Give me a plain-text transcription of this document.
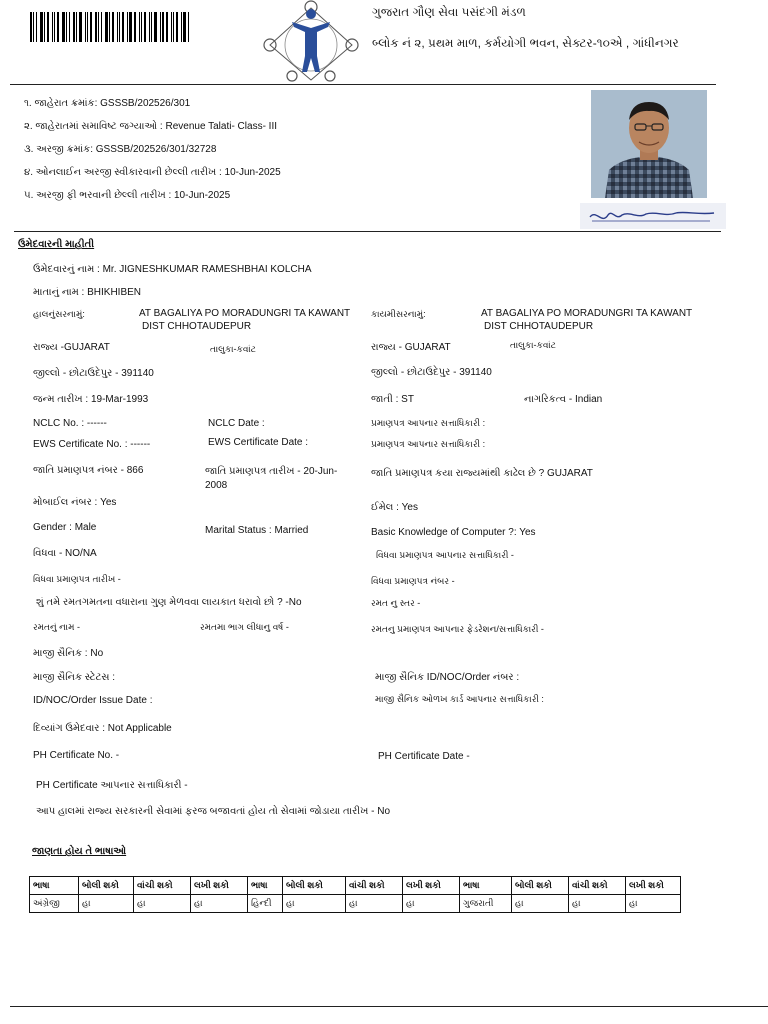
ગુજરાત ગૌણ સેવા પસંદગી મંડળ
બ્લોક નં ૨, પ્રથમ માળ, કર્મયોગી ભવન, સેક્ટર-૧૦એ , ગાંધીનગર
૧. જાહેરાત ક્રમાંક: GSSSB/202526/301
૨. જાહેરાતમાં સમાવિષ્ટ જગ્યાઓ : Revenue Talati- Class- III
૩. અરજી ક્રમાંક: GSSSB/202526/301/32728
૪. ઓનલાઈન અરજી સ્વીકારવાની છેલ્લી તારીખ : 10-Jun-2025
૫. અરજી ફી ભરવાની છેલ્લી તારીખ : 10-Jun-2025
ઉમેદવારની માહીતી
ઉમેદવારનું નામ : Mr. JIGNESHKUMAR RAMESHBHAI KOLCHA
માતાનું નામ : BHIKHIBEN
હાલનુંસરનામું:	AT BAGALIYA PO MORADUNGRI TA KAWANT
DIST CHHOTAUDEPUR
કાયમીસરનામું:	AT BAGALIYA PO MORADUNGRI TA KAWANT
DIST CHHOTAUDEPUR
રાજ્ય -GUJARAT	તાલુકા-કવાંટ	રાજ્ય - GUJARAT	તાલુકા-કવાંટ
જીલ્લો - છોટાઉદેપુર - 391140	જીલ્લો - છોટાઉદેપુર - 391140
જન્મ તારીખ : 19-Mar-1993	જાતી : ST	નાગરિકત્વ - Indian
NCLC No. : ------	NCLC Date :	પ્રમાણપત્ર આપનાર સત્તાધિકારી :
EWS Certificate No. : ------	EWS Certificate Date :	પ્રમાણપત્ર આપનાર સત્તાધિકારી :
જાતિ પ્રમાણપત્ર નંબર - 866	જાતિ પ્રમાણપત્ર તારીખ - 20-Jun-
2008
જાતિ પ્રમાણપત્ર કયા રાજ્યમાંથી કાઢેલ છે ? GUJARAT
મોબાઈલ નંબર : Yes	ઈમેલ : Yes
Gender : Male	Marital Status : Married	Basic Knowledge of Computer ?: Yes
વિધવા - NO/NA	વિધવા પ્રમાણપત્ર આપનાર સત્તાધિકારી -
વિધવા પ્રમાણપત્ર તારીખ -	વિધવા પ્રમાણપત્ર નંબર -
શું તમે રમતગમતના વધારાના ગુણ મેળવવા લાયકાત ધરાવો છો ? -No	રમત નુ સ્તર -
રમતનું નામ -	રમતમા ભાગ લીધાનુ વર્ષ -	રમતનુ પ્રમાણપત્ર આપનાર ફેડરેશન/સત્તાધિકારી -
માજી સૈનિક : No
માજી સૈનિક સ્ટેટસ :	માજી સૈનિક ID/NOC/Order નંબર :
ID/NOC/Order Issue Date :	માજી સૈનિક ઓળખ કાર્ડ આપનાર સત્તાધિકારી :
દિવ્યાંગ ઉમેદવાર : Not Applicable
PH Certificate No. -	PH Certificate Date -
PH Certificate આપનાર સત્તાધિકારી -
આપ હાલમાં રાજ્ય સરકારની સેવામાં ફરજ બજાવતાં હોય તો સેવામાં જોડાયા તારીખ - No
જાણતા હોય તે ભાષાઓ
ભાષા	બોલી શકો	વાંચી શકો	લખી શકો	ભાષા	બોલી શકો	વાંચી શકો	લખી શકો	ભાષા	બોલી શકો	વાંચી શકો	લખી શકો
અંગ્રેજી	હા	હા	હા	હિન્દી	હા	હા	હા	ગુજરાતી	હા	હા	હા
